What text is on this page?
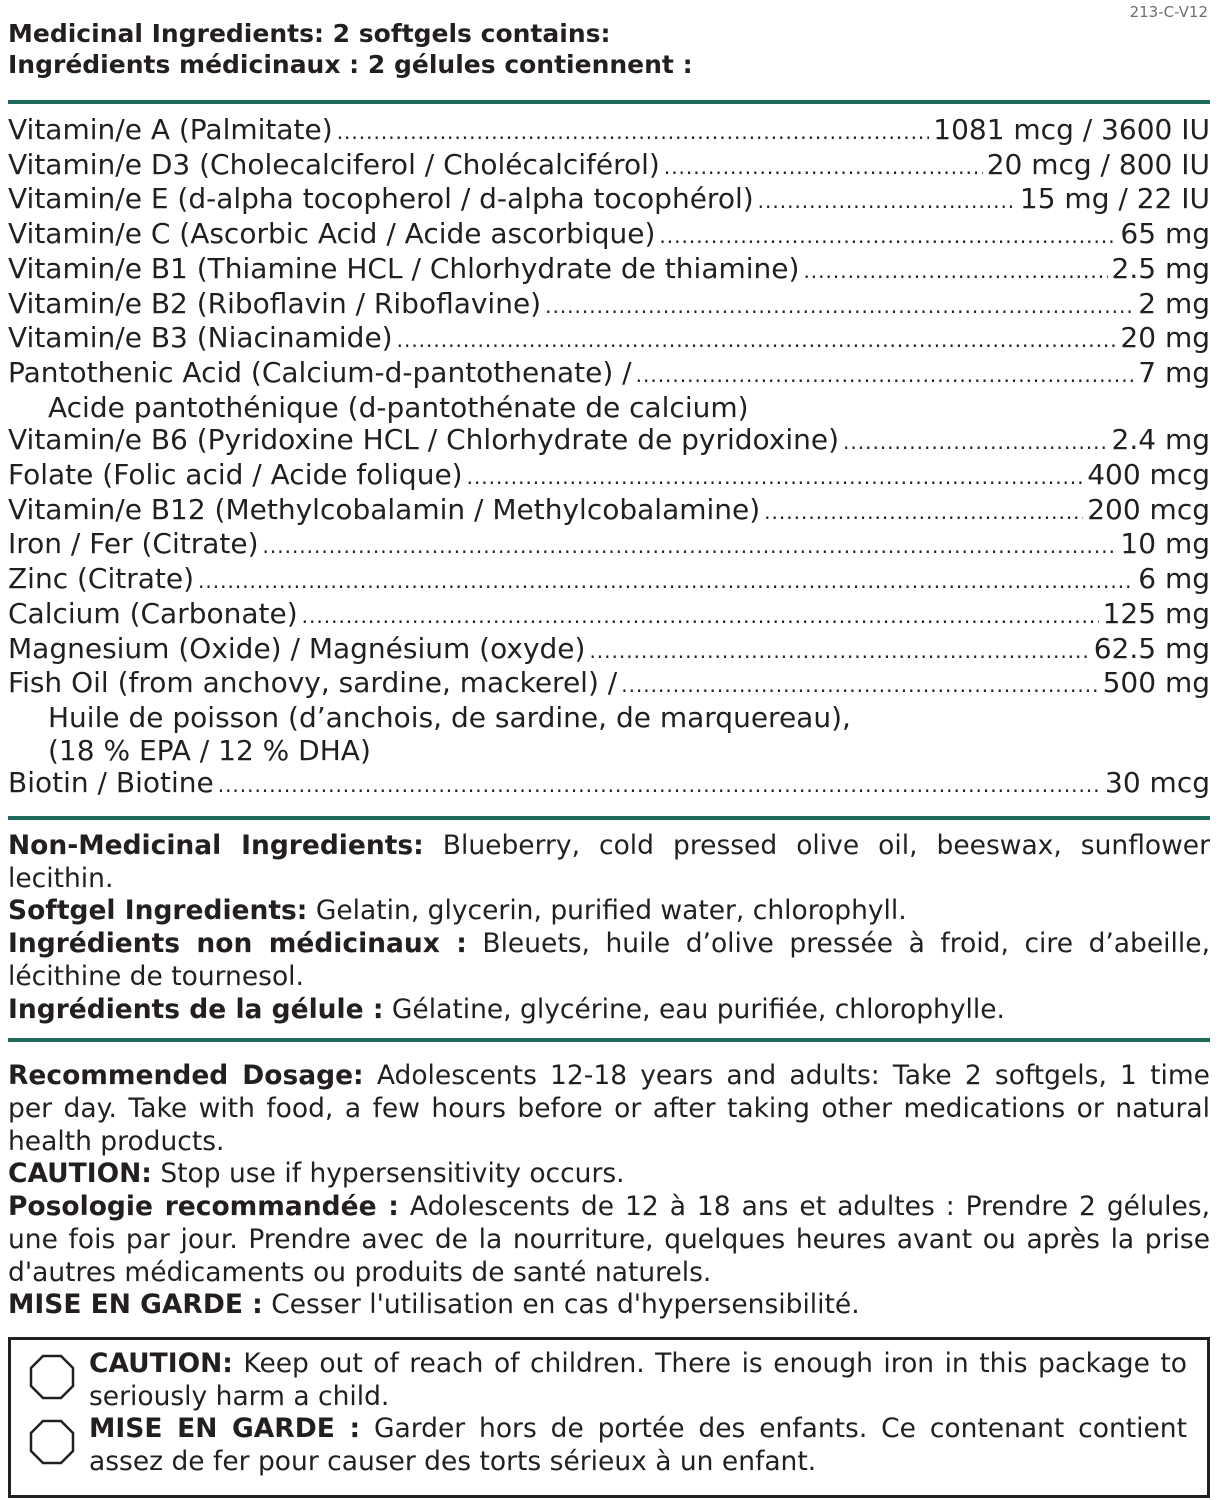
213-C-V12
Medicinal Ingredients: 2 softgels contains:
Ingrédients médicinaux : 2 gélules contiennent :
Vitamin/e A (Palmitate) .....	1081 mcg / 3600 IU
Vitamin/e D3 (Cholecalciferol / Cholécalciférol) .....	20 mcg / 800 IU
Vitamin/e E (d-alpha tocopherol / d-alpha tocophérol) .....	15 mg / 22 IU
Vitamin/e C (Ascorbic Acid / Acide ascorbique) .....	65 mg
Vitamin/e B1 (Thiamine HCL / Chlorhydrate de thiamine) .....	2.5 mg
Vitamin/e B2 (Riboflavin / Riboflavine) .....	2 mg
Vitamin/e B3 (Niacinamide) .....	20 mg
Pantothenic Acid (Calcium-d-pantothenate) / .....	7 mg
Acide pantothénique (d-pantothénate de calcium)
Vitamin/e B6 (Pyridoxine HCL / Chlorhydrate de pyridoxine) .....	2.4 mg
Folate (Folic acid / Acide folique) .....	400 mcg
Vitamin/e B12 (Methylcobalamin / Methylcobalamine) .....	200 mcg
Iron / Fer (Citrate) .....	10 mg
Zinc (Citrate) .....	6 mg
Calcium (Carbonate) .....	125 mg
Magnesium (Oxide) / Magnésium (oxyde) .....	62.5 mg
Fish Oil (from anchovy, sardine, mackerel) / .....	500 mg
Huile de poisson (d’anchois, de sardine, de marquereau),
(18 % EPA / 12 % DHA)
Biotin / Biotine .....	30 mcg

Non-Medicinal Ingredients: Blueberry, cold pressed olive oil, beeswax, sunflower lecithin.

Softgel Ingredients: Gelatin, glycerin, purified water, chlorophyll.

Ingrédients non médicinaux : Bleuets, huile d’olive pressée à froid, cire d’abeille, lécithine de tournesol.

Ingrédients de la gélule : Gélatine, glycérine, eau purifiée, chlorophylle.

Recommended Dosage: Adolescents 12-18 years and adults: Take 2 softgels, 1 time per day. Take with food, a few hours before or after taking other medications or natural health products.

CAUTION: Stop use if hypersensitivity occurs.

Posologie recommandée : Adolescents de 12 à 18 ans et adultes : Prendre 2 gélules, une fois par jour. Prendre avec de la nourriture, quelques heures avant ou après la prise d'autres médicaments ou produits de santé naturels.

MISE EN GARDE : Cesser l'utilisation en cas d'hypersensibilité.

CAUTION: Keep out of reach of children. There is enough iron in this package to seriously harm a child.
MISE EN GARDE : Garder hors de portée des enfants. Ce contenant contient assez de fer pour causer des torts sérieux à un enfant.
